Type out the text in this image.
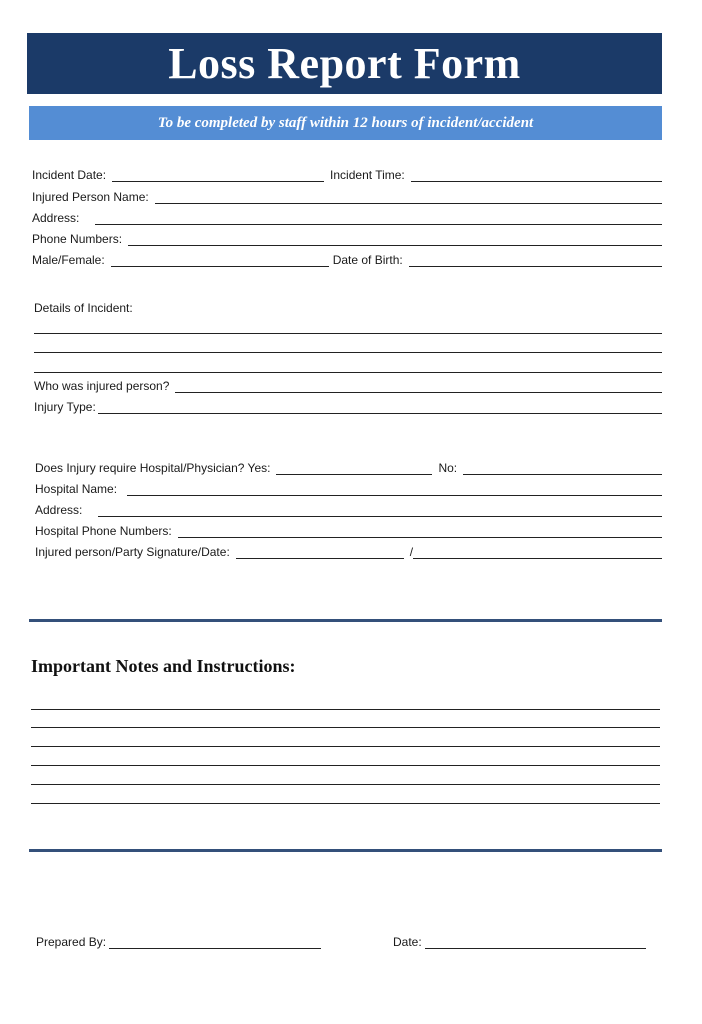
Loss Report Form
To be completed by staff within 12 hours of incident/accident
Incident Date:	Incident Time:
Injured Person Name:
Address:
Phone Numbers:
Male/Female:	Date of Birth:
Details of Incident:
Who was injured person?
Injury Type:
Does Injury require Hospital/Physician? Yes:	No:
Hospital Name:
Address:
Hospital Phone Numbers:
Injured person/Party Signature/Date:	/
Important Notes and Instructions:
Prepared By:	Date:
